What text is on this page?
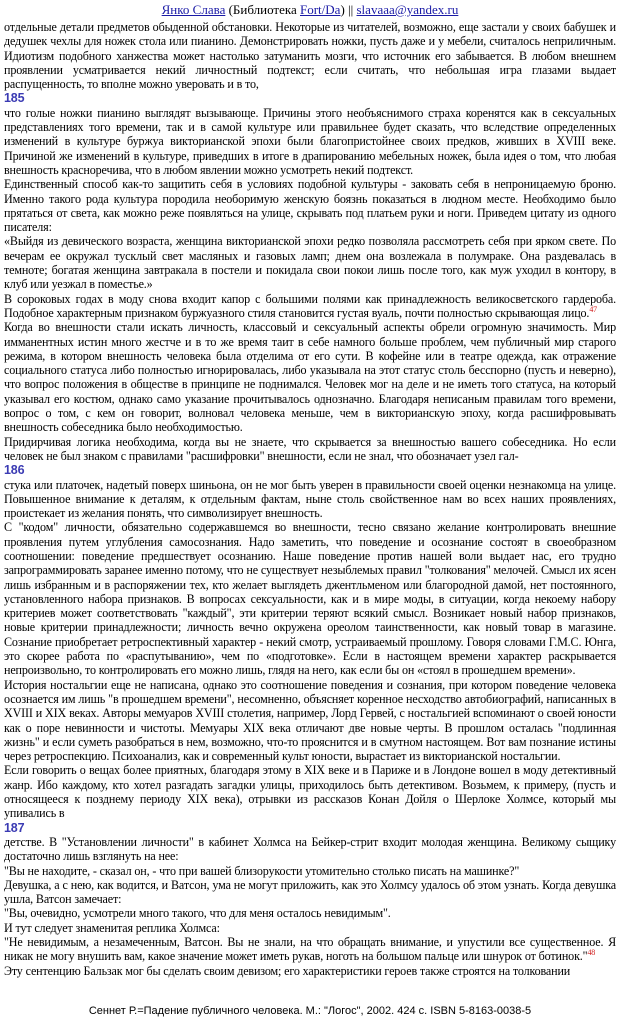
Янко Слава (Библиотека Fort/Da) || slavaaa@yandex.ru

отдельные детали предметов обыденной обстановки. Некоторые из читателей, возможно, еще застали у своих бабушек и дедушек чехлы для ножек стола или пианино. Демонстрировать ножки, пусть даже и у мебели, считалось неприличным. Идиотизм подобного ханжества может настолько затуманить мозги, что источник его забывается. В любом внешнем проявлении усматривается некий личностный подтекст; если считать, что небольшая игра глазами выдает распущенность, то вполне можно уверовать и в то,

185

что голые ножки пианино выглядят вызывающе. Причины этого необъяснимого страха коренятся как в сексуальных представлениях того времени, так и в самой культуре или правильнее будет сказать, что вследствие определенных изменений в культуре буржуа викторианской эпохи были благопристойнее своих предков, живших в XVIII веке. Причиной же изменений в культуре, приведших в итоге в драпированию мебельных ножек, была идея о том, что любая внешность красноречива, что в любом явлении можно усмотреть некий подтекст.

Единственный способ как-то защитить себя в условиях подобной культуры - заковать себя в непроницаемую броню. Именно такого рода культура породила необоримую женскую боязнь показаться в людном месте. Необходимо было прятаться от света, как можно реже появляться на улице, скрывать под платьем руки и ноги. Приведем цитату из одного писателя:

«Выйдя из девического возраста, женщина викторианской эпохи редко позволяла рассмотреть себя при ярком свете. По вечерам ее окружал тусклый свет масляных и газовых ламп; днем она возлежала в полумраке. Она раздевалась в темноте; богатая женщина завтракала в постели и покидала свои покои лишь после того, как муж уходил в контору, в клуб или уезжал в поместье.»

В сороковых годах в моду снова входит капор с большими полями как принадлежность великосветского гардероба. Подобное характерным признаком буржуазного стиля становится густая вуаль, почти полностью скрывающая лицо.$^{47}$

Когда во внешности стали искать личность, классовый и сексуальный аспекты обрели огромную значимость. Мир имманентных истин много жестче и в то же время таит в себе намного больше проблем, чем публичный мир старого режима, в котором внешность человека была отделима от его сути. В кофейне или в театре одежда, как отражение социального статуса либо полностью игнорировалась, либо указывала на этот статус столь бесспорно (пусть и неверно), что вопрос положения в обществе в принципе не поднимался. Человек мог на деле и не иметь того статуса, на который указывал его костюм, однако само указание прочитывалось однозначно. Благодаря неписаным правилам того времени, вопрос о том, с кем он говорит, волновал человека меньше, чем в викторианскую эпоху, когда расшифровывать внешность собеседника было необходимостью.

Придирчивая логика необходима, когда вы не знаете, что скрывается за внешностью вашего собеседника. Но если человек не был знаком с правилами "расшифровки" внешности, если не знал, что обозначает узел гал-

186

стука или платочек, надетый поверх шиньона, он не мог быть уверен в правильности своей оценки незнакомца на улице. Повышенное внимание к деталям, к отдельным фактам, ныне столь свойственное нам во всех наших проявлениях, проистекает из желания понять, что символизирует внешность.

С "кодом" личности, обязательно содержавшемся во внешности, тесно связано желание контролировать внешние проявления путем углубления самосознания. Надо заметить, что поведение и осознание состоят в своеобразном соотношении: поведение предшествует осознанию. Наше поведение против нашей воли выдает нас, его трудно запрограммировать заранее именно потому, что не существует незыблемых правил "толкования" мелочей. Смысл их ясен лишь избранным и в распоряжении тех, кто желает выглядеть джентльменом или благородной дамой, нет постоянного, установленного набора признаков. В вопросах сексуальности, как и в мире моды, в ситуации, когда некоему набору критериев может соответствовать "каждый", эти критерии теряют всякий смысл. Возникает новый набор признаков, новые критерии принадлежности; личность вечно окружена ореолом таинственности, как новый товар в магазине. Сознание приобретает ретроспективный характер - некий смотр, устраиваемый прошлому. Говоря словами Г.М.С. Юнга, это скорее работа по «распутыванию», чем по «подготовке». Если в настоящем времени характер раскрывается непроизвольно, то контролировать его можно лишь, глядя на него, как если бы он «стоял в прошедшем времени».

История ностальгии еще не написана, однако это соотношение поведения и сознания, при котором поведение человека осознается им лишь "в прошедшем времени", несомненно, объясняет коренное несходство автобиографий, написанных в XVIII и XIX веках. Авторы мемуаров XVIII столетия, например, Лорд Гервей, с ностальгией вспоминают о своей юности как о поре невинности и чистоты. Мемуары XIX века отличают две новые черты. В прошлом осталась "подлинная жизнь" и если суметь разобраться в нем, возможно, что-то прояснится и в смутном настоящем. Вот вам познание истины через ретроспекцию. Психоанализ, как и современный культ юности, вырастает из викторианской ностальгии.

Если говорить о вещах более приятных, благодаря этому в XIX веке и в Париже и в Лондоне вошел в моду детективный жанр. Ибо каждому, кто хотел разгадать загадки улицы, приходилось быть детективом. Возьмем, к примеру, (пусть и относящееся к позднему периоду XIX века), отрывки из рассказов Конан Дойля о Шерлоке Холмсе, который мы упивались в

187

детстве. В "Установлении личности" в кабинет Холмса на Бейкер-стрит входит молодая женщина. Великому сыщику достаточно лишь взглянуть на нее:

"Вы не находите, - сказал он, - что при вашей близорукости утомительно столько писать на машинке?"

Девушка, а с нею, как водится, и Ватсон, ума не могут приложить, как это Холмсу удалось об этом узнать. Когда девушка ушла, Ватсон замечает:

"Вы, очевидно, усмотрели много такого, что для меня осталось невидимым".

И тут следует знаменитая реплика Холмса:

"Не невидимым, а незамеченным, Ватсон. Вы не знали, на что обращать внимание, и упустили все существенное. Я никак не могу внушить вам, какое значение может иметь рукав, ноготь на большом пальце или шнурок от ботинок."$^{48}$

Эту сентенцию Бальзак мог бы сделать своим девизом; его характеристики героев также строятся на толковании

Сеннет Р.=Падение публичного человека. М.: "Логос", 2002. 424 с. ISBN 5-8163-0038-5
